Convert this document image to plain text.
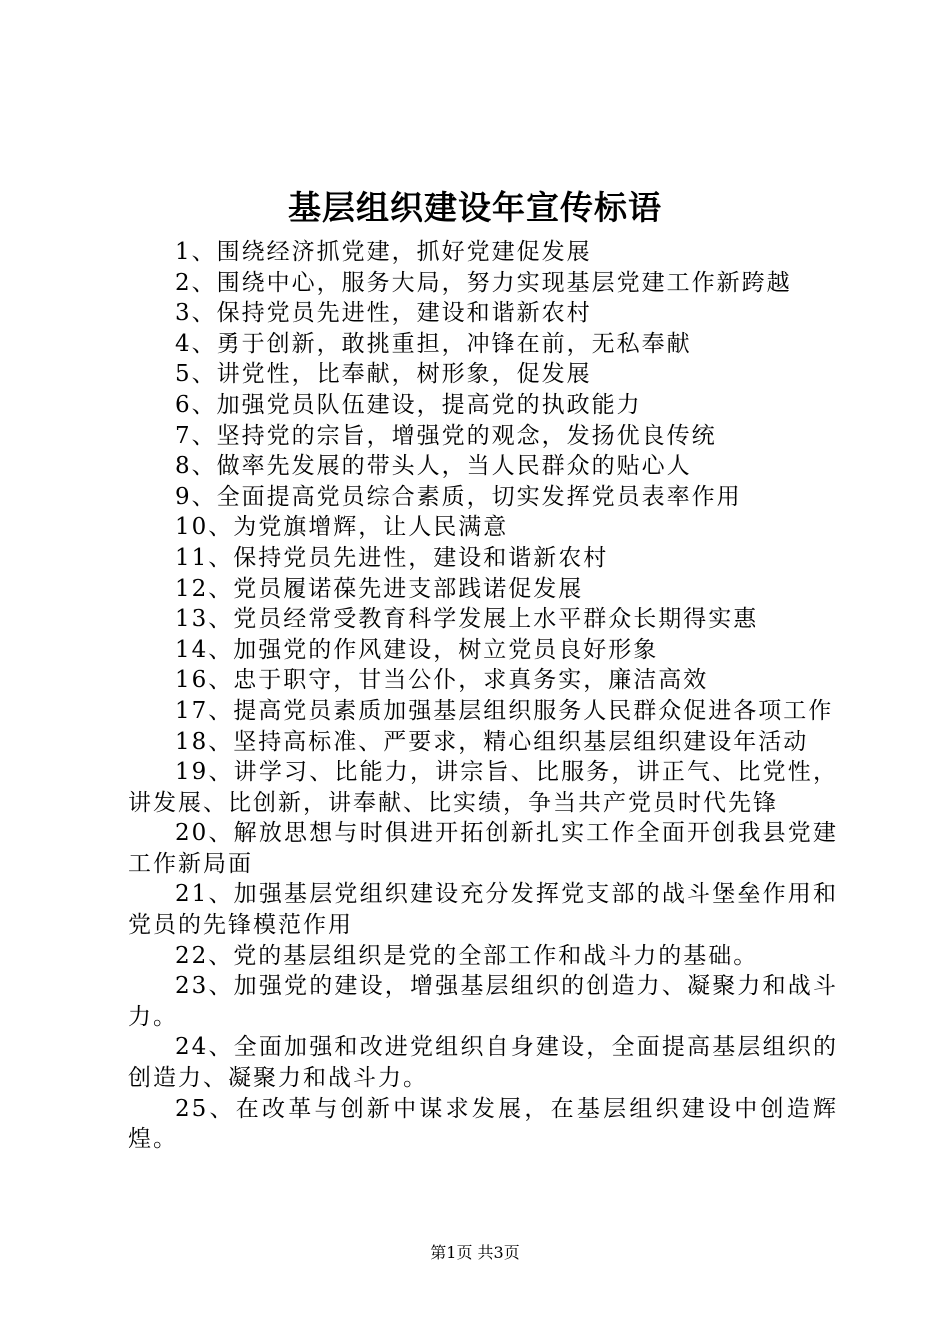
基层组织建设年宣传标语

1、围绕经济抓党建，抓好党建促发展

2、围绕中心，服务大局，努力实现基层党建工作新跨越

3、保持党员先进性，建设和谐新农村

4、勇于创新，敢挑重担，冲锋在前，无私奉献

5、讲党性，比奉献，树形象，促发展

6、加强党员队伍建设，提高党的执政能力

7、坚持党的宗旨，增强党的观念，发扬优良传统

8、做率先发展的带头人，当人民群众的贴心人

9、全面提高党员综合素质，切实发挥党员表率作用

10、为党旗增辉，让人民满意

11、保持党员先进性，建设和谐新农村

12、党员履诺葆先进支部践诺促发展

13、党员经常受教育科学发展上水平群众长期得实惠

14、加强党的作风建设，树立党员良好形象

16、忠于职守，甘当公仆，求真务实，廉洁高效

17、提高党员素质加强基层组织服务人民群众促进各项工作

18、坚持高标准、严要求，精心组织基层组织建设年活动

19、讲学习、比能力，讲宗旨、比服务，讲正气、比党性，讲发展、比创新，讲奉献、比实绩，争当共产党员时代先锋

20、解放思想与时俱进开拓创新扎实工作全面开创我县党建工作新局面

21、加强基层党组织建设充分发挥党支部的战斗堡垒作用和党员的先锋模范作用

22、党的基层组织是党的全部工作和战斗力的基础。

23、加强党的建设，增强基层组织的创造力、凝聚力和战斗力。

24、全面加强和改进党组织自身建设，全面提高基层组织的创造力、凝聚力和战斗力。

25、在改革与创新中谋求发展，在基层组织建设中创造辉煌。

第1页 共3页
